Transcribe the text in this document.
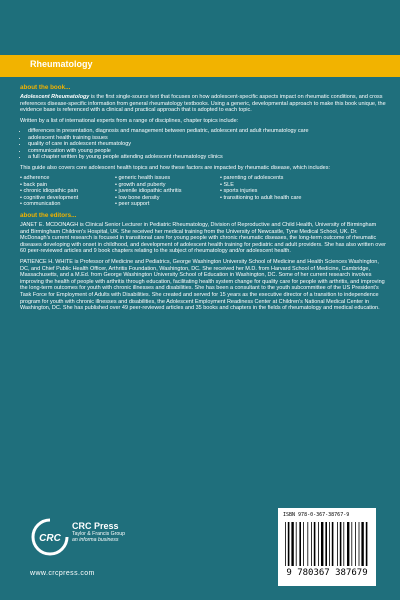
Rheumatology
about the book...

Adolescent Rheumatology is the first single-source text that focuses on how adolescent-specific aspects impact on rheumatic conditions, and cross references disease-specific information from general rheumatology textbooks. Using a generic, developmental approach to make this book unique, the evidence base is referenced with a clinical and practical approach that is adopted to each topic.

Written by a list of international experts from a range of disciplines, chapter topics include:

• differences in presentation, diagnosis and management between pediatric, adolescent and adult rheumatology care
• adolescent health training issues
• quality of care in adolescent rheumatology
• communication with young people
• a full chapter written by young people attending adolescent rheumatology clinics

This guide also covers core adolescent health topics and how these factors are impacted by rheumatic disease, which includes:

• adherence
• back pain
• chronic idiopathic pain
• cognitive development
• communication
• generic health issues
• growth and puberty
• juvenile idiopathic arthritis
• low bone density
• peer support
• parenting of adolescents
• SLE
• sports injuries
• transitioning to adult health care
about the editors...

JANET E. MCDONAGH is Clinical Senior Lecturer in Pediatric Rheumatology, Division of Reproductive and Child Health, University of Birmingham and Birmingham Children's Hospital, UK. She received her medical training from the University of Newcastle, Tyne Medical School, UK. Dr. McDonagh's current research is focused in transitional care for young people with chronic rheumatic diseases, the long-term outcome of rheumatic diseases developing with onset in childhood, and development of adolescent health training for pediatric and adult providers. She has also written over 60 peer-reviewed articles and 9 book chapters relating to the subject of rheumatology and/or adolescent health.

PATIENCE H. WHITE is Professor of Medicine and Pediatrics, George Washington University School of Medicine and Health Sciences Washington, DC, and Chief Public Health Officer, Arthritis Foundation, Washington, DC. She received her M.D. from Harvard School of Medicine, Cambridge, Massachusetts, and a M.Ed. from George Washington University School of Education in Washington, DC. Some of her current research involves improving the health of people with arthritis through education, facilitating health system change for quality care for people with arthritis, and improving the long-term outcomes for youth with chronic illnesses and disabilities. She has been a consultant to the youth subcommittee of the US President's Task Force for Employment of Adults with Disabilities. She created and served for 15 years as the executive director of a transition to independence program for youth with chronic illnesses and disabilities, the Adolescent Employment Readiness Center at Children's National Medical Center in Washington, DC. She has published over 49 peer-reviewed articles and 35 books and chapters in the fields of rheumatology and medical education.

CRC
CRC Press
Taylor & Francis Group
an informa business
www.crcpress.com
ISBN 978-0-367-38767-9
9 780367 387679
